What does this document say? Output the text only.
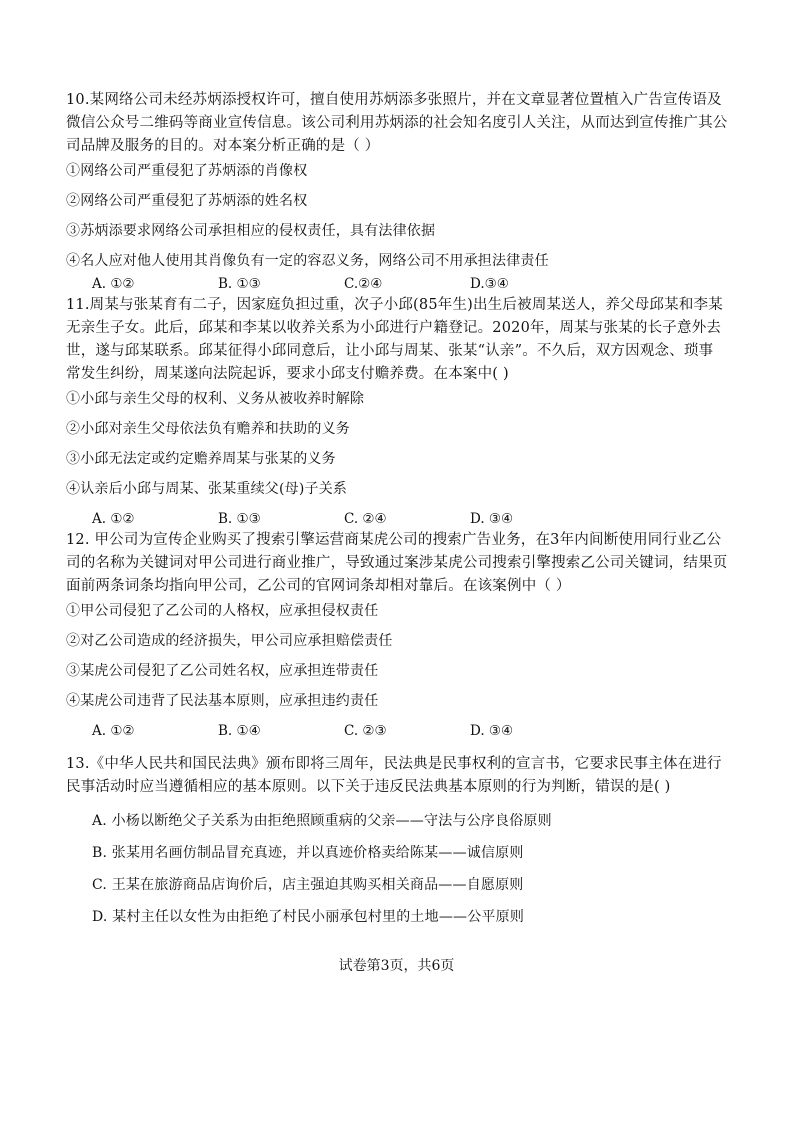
10.某网络公司未经苏炳添授权许可，擅自使用苏炳添多张照片，并在文章显著位置植入广告宣传语及微信公众号二维码等商业宣传信息。该公司利用苏炳添的社会知名度引人关注，从而达到宣传推广其公司品牌及服务的目的。对本案分析正确的是（ ）

①网络公司严重侵犯了苏炳添的肖像权

②网络公司严重侵犯了苏炳添的姓名权

③苏炳添要求网络公司承担相应的侵权责任，具有法律依据

④名人应对他人使用其肖像负有一定的容忍义务，网络公司不用承担法律责任

A. ①②	B. ①③	C.②④	D.③④

11.周某与张某育有二子，因家庭负担过重，次子小邱(85年生)出生后被周某送人，养父母邱某和李某无亲生子女。此后，邱某和李某以收养关系为小邱进行户籍登记。2020年，周某与张某的长子意外去世，遂与邱某联系。邱某征得小邱同意后，让小邱与周某、张某“认亲”。不久后，双方因观念、琐事常发生纠纷，周某遂向法院起诉，要求小邱支付赡养费。在本案中( )

①小邱与亲生父母的权利、义务从被收养时解除

②小邱对亲生父母依法负有赡养和扶助的义务

③小邱无法定或约定赡养周某与张某的义务

④认亲后小邱与周某、张某重续父(母)子关系

A. ①②	B. ①③	C. ②④	D. ③④

12. 甲公司为宣传企业购买了搜索引擎运营商某虎公司的搜索广告业务，在3年内间断使用同行业乙公司的名称为关键词对甲公司进行商业推广，导致通过案涉某虎公司搜索引擎搜索乙公司关键词，结果页面前两条词条均指向甲公司，乙公司的官网词条却相对靠后。在该案例中（ ）

①甲公司侵犯了乙公司的人格权，应承担侵权责任

②对乙公司造成的经济损失，甲公司应承担赔偿责任

③某虎公司侵犯了乙公司姓名权，应承担连带责任

④某虎公司违背了民法基本原则，应承担违约责任

A. ①②	B. ①④	C. ②③	D. ③④

13.《中华人民共和国民法典》颁布即将三周年，民法典是民事权利的宣言书，它要求民事主体在进行民事活动时应当遵循相应的基本原则。以下关于违反民法典基本原则的行为判断，错误的是( )

A. 小杨以断绝父子关系为由拒绝照顾重病的父亲——守法与公序良俗原则

B. 张某用名画仿制品冒充真迹，并以真迹价格卖给陈某——诚信原则

C. 王某在旅游商品店询价后，店主强迫其购买相关商品——自愿原则

D. 某村主任以女性为由拒绝了村民小丽承包村里的土地——公平原则

试卷第3页，共6页
